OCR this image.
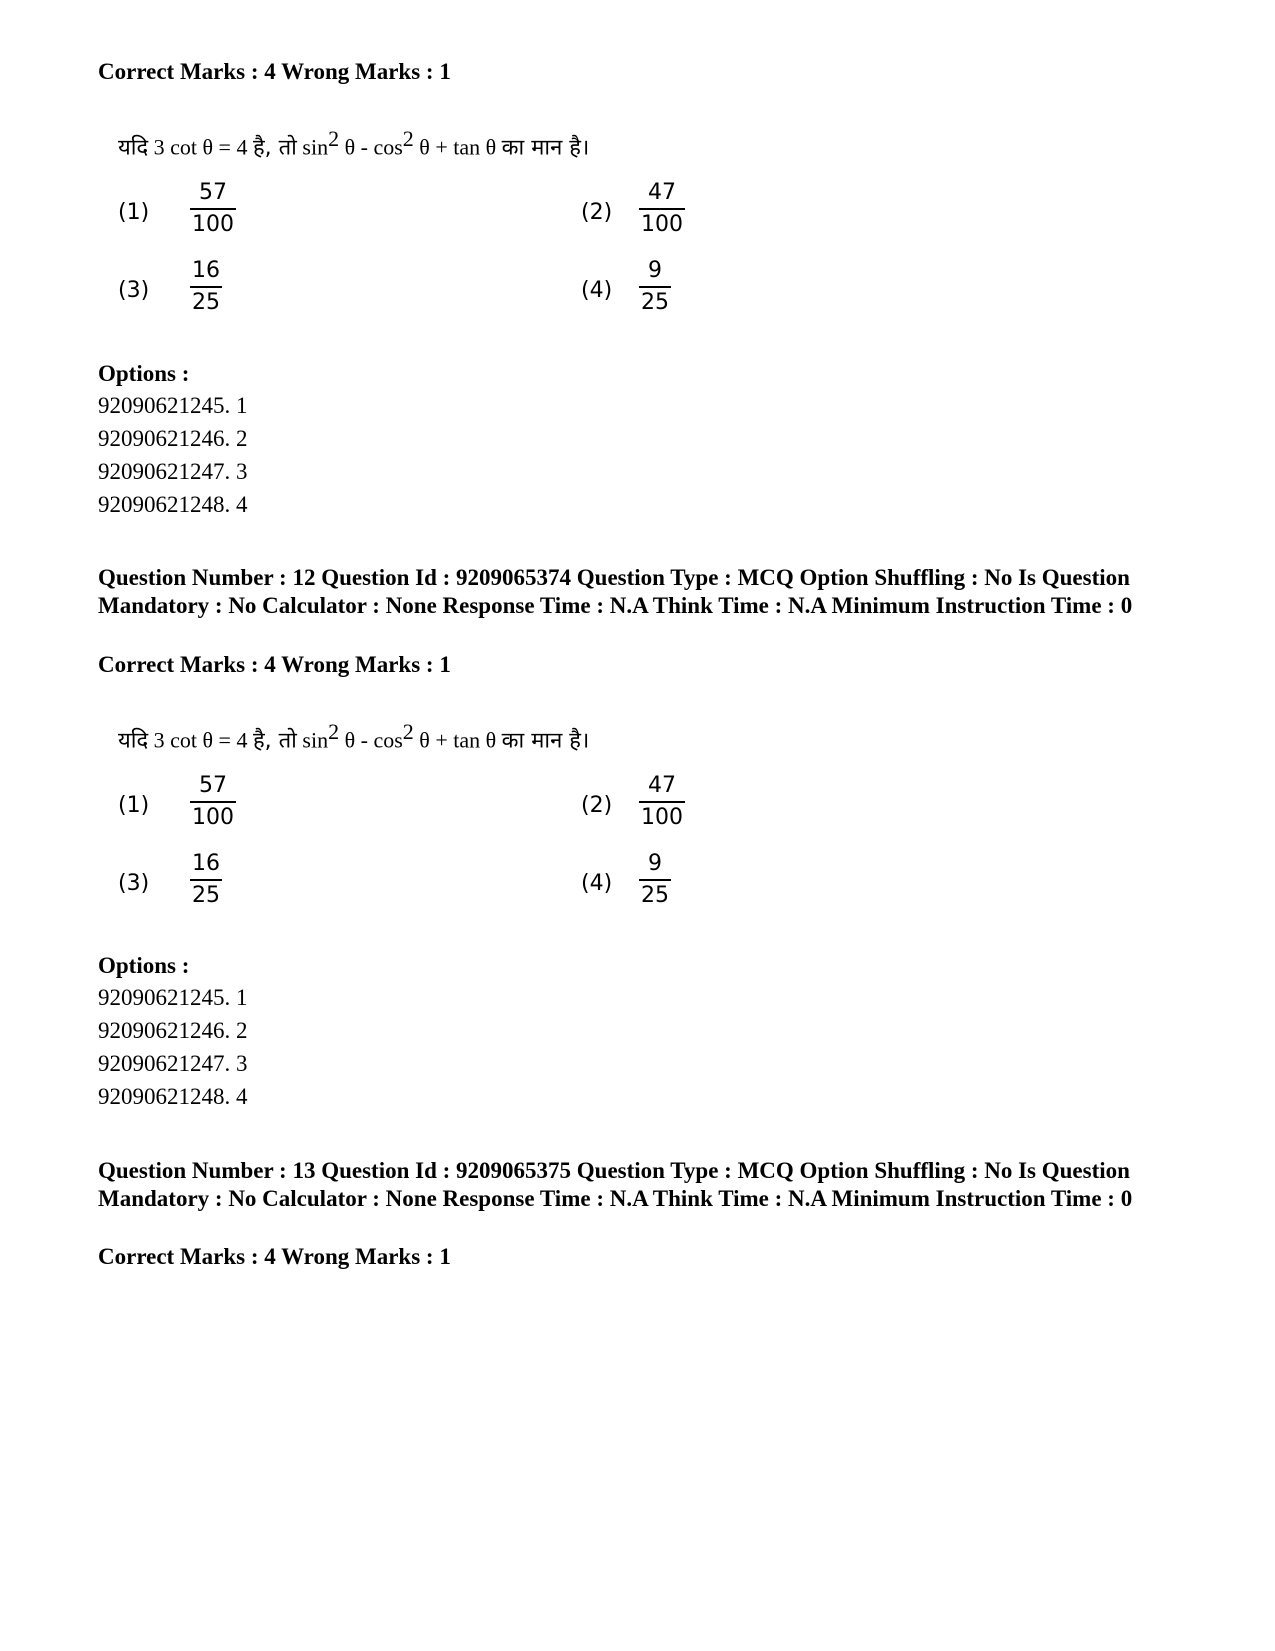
Correct Marks : 4 Wrong Marks : 1
यदि 3 cot θ = 4 है, तो $\sin^2 \theta - \cos^2 \theta + \tan \theta$ का मान है।
(1)
57
100	(2)
47
100
(3)
16
25	(4)
9
25
Options :
92090621245. 1
92090621246. 2
92090621247. 3
92090621248. 4
Question Number : 12 Question Id : 9209065374 Question Type : MCQ Option Shuffling : No Is Question Mandatory : No Calculator : None Response Time : N.A Think Time : N.A Minimum Instruction Time : 0
Correct Marks : 4 Wrong Marks : 1
यदि 3 cot θ = 4 है, तो $\sin^2 \theta - \cos^2 \theta + \tan \theta$ का मान है।
(1)
57
100	(2)
47
100
(3)
16
25	(4)
9
25
Options :
92090621245. 1
92090621246. 2
92090621247. 3
92090621248. 4
Question Number : 13 Question Id : 9209065375 Question Type : MCQ Option Shuffling : No Is Question Mandatory : No Calculator : None Response Time : N.A Think Time : N.A Minimum Instruction Time : 0
Correct Marks : 4 Wrong Marks : 1
